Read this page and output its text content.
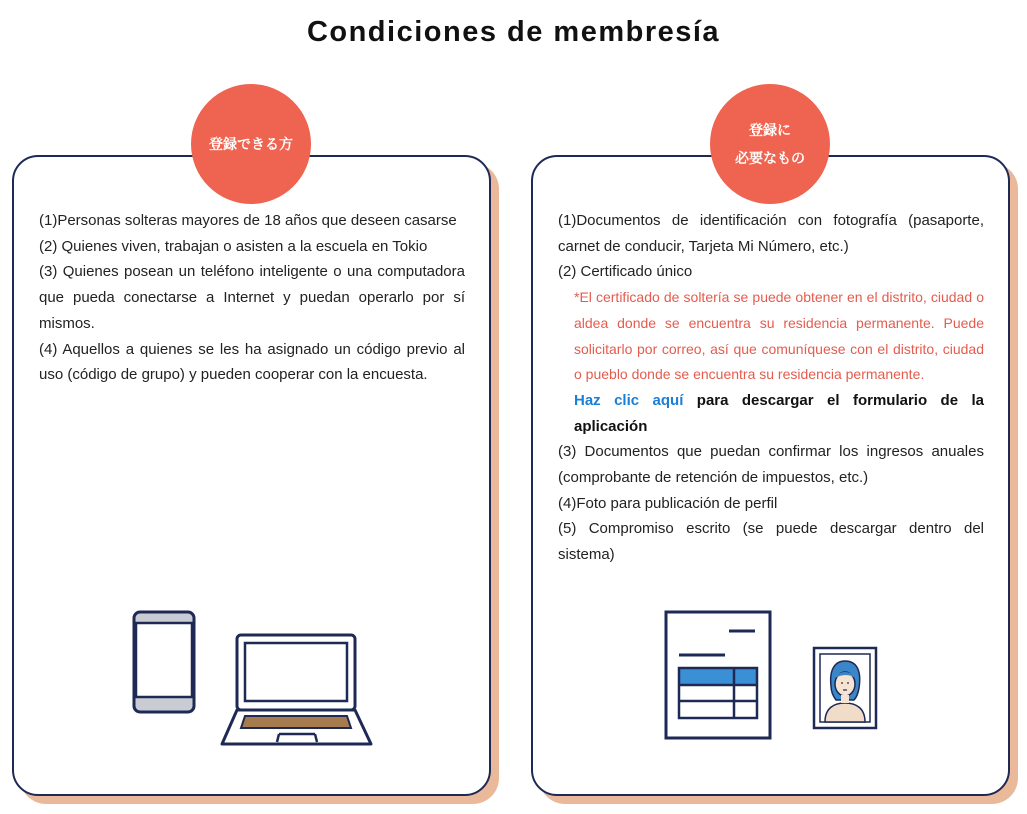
Condiciones de membresía

(1)Personas solteras mayores de 18 años que deseen casarse

(2) Quienes viven, trabajan o asisten a la escuela en Tokio

(3) Quienes posean un teléfono inteligente o una computadora que pueda conectarse a Internet y puedan operarlo por sí mismos.

(4) Aquellos a quienes se les ha asignado un código previo al uso (código de grupo) y pueden cooperar con la encuesta.

登録できる方

(1)Documentos de identificación con fotografía (pasaporte, carnet de conducir, Tarjeta Mi Número, etc.)

(2) Certificado único

*El certificado de soltería se puede obtener en el distrito, ciudad o aldea donde se encuentra su residencia permanente. Puede solicitarlo por correo, así que comuníquese con el distrito, ciudad o pueblo donde se encuentra su residencia permanente.

Haz clic aquí para descargar el formulario de la aplicación

(3) Documentos que puedan confirmar los ingresos anuales (comprobante de retención de impuestos, etc.)

(4)Foto para publicación de perfil

(5) Compromiso escrito (se puede descargar dentro del sistema)

登録に
必要なもの
